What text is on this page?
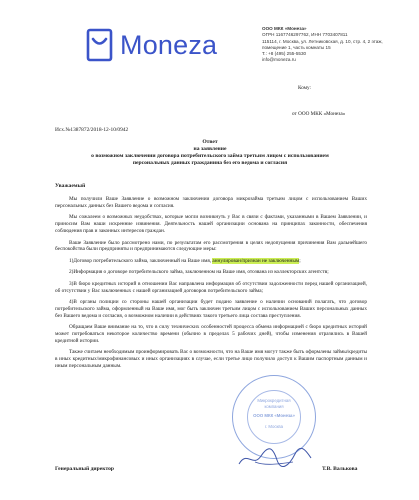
Moneza
ООО МКК «Монеза»
ОГРН 1167746297762, ИНН 7703407811
115114, г. Москва, ул. Летниковская, д. 10, стр. 4, 2 этаж,
помещение 1, часть комнаты 15
Т.: +8 (495) 255-5530
info@moneza.ru
Кому:
от ООО МКК «Монеза»
Исх.№1387872/2018-12-10/0942
Ответ
на заявление
о возможном заключении договора потребительского займа третьим лицом с использованием
персональных данных гражданина без его ведома и согласия
Уважаемый

Мы получили Ваше Заявление о возможном заключении договора микрозайма третьим лицом с использованием Ваших персональных данных без Вашего ведома и согласия.

Мы сожалеем о возможных неудобствах, которые могли возникнуть у Вас в связи с фактами, указанными в Вашем Заявлении, и приносим Вам наши искренние извинения. Деятельность нашей организации основана на принципах законности, обеспечения соблюдения прав и законных интересов граждан.

Ваше Заявление было рассмотрено нами, по результатам его рассмотрения в целях недопущения причинения Вам дальнейшего беспокойства были предприняты и предпринимаются следующие меры:

1)Договор потребительского займа, заключенный на Ваше имя, аннулирован/признан не заключенным;

2)Информация о договоре потребительского займа, заключенном на Ваше имя, отозвана из коллекторских агентств;

3)В бюро кредитных историй в отношении Вас направлена информация об отсутствии задолженности перед нашей организацией, об отсутствии у Вас заключенных с нашей организацией договоров потребительского займа;

4)В органы полиции со стороны нашей организации будет подано заявление о наличии оснований полагать, что договор потребительского займа, оформленный на Ваше имя, мог быть заключен третьим лицом с использованием Ваших персональных данных без Вашего ведома и согласия, о возможном наличии в действиях такого третьего лица состава преступления.

Обращаем Ваше внимание на то, что в силу технических особенностей процесса обмена информацией с бюро кредитных историй может потребоваться некоторое количество времени (обычно в пределах 5 рабочих дней), чтобы изменения отразились в Вашей кредитной истории.

Также считаем необходимым проинформировать Вас о возможности, что на Ваше имя могут также быть оформлены займы/кредиты в иных кредитных/микрофинансовых и иных организациях в случае, если третье лицо получило доступ к Вашим паспортным данным и иным персональным данным.

Микрокредитная
компания
ООО МКК «Монеза»
г. Москва
Генеральный директор	Т.В. Валькова
